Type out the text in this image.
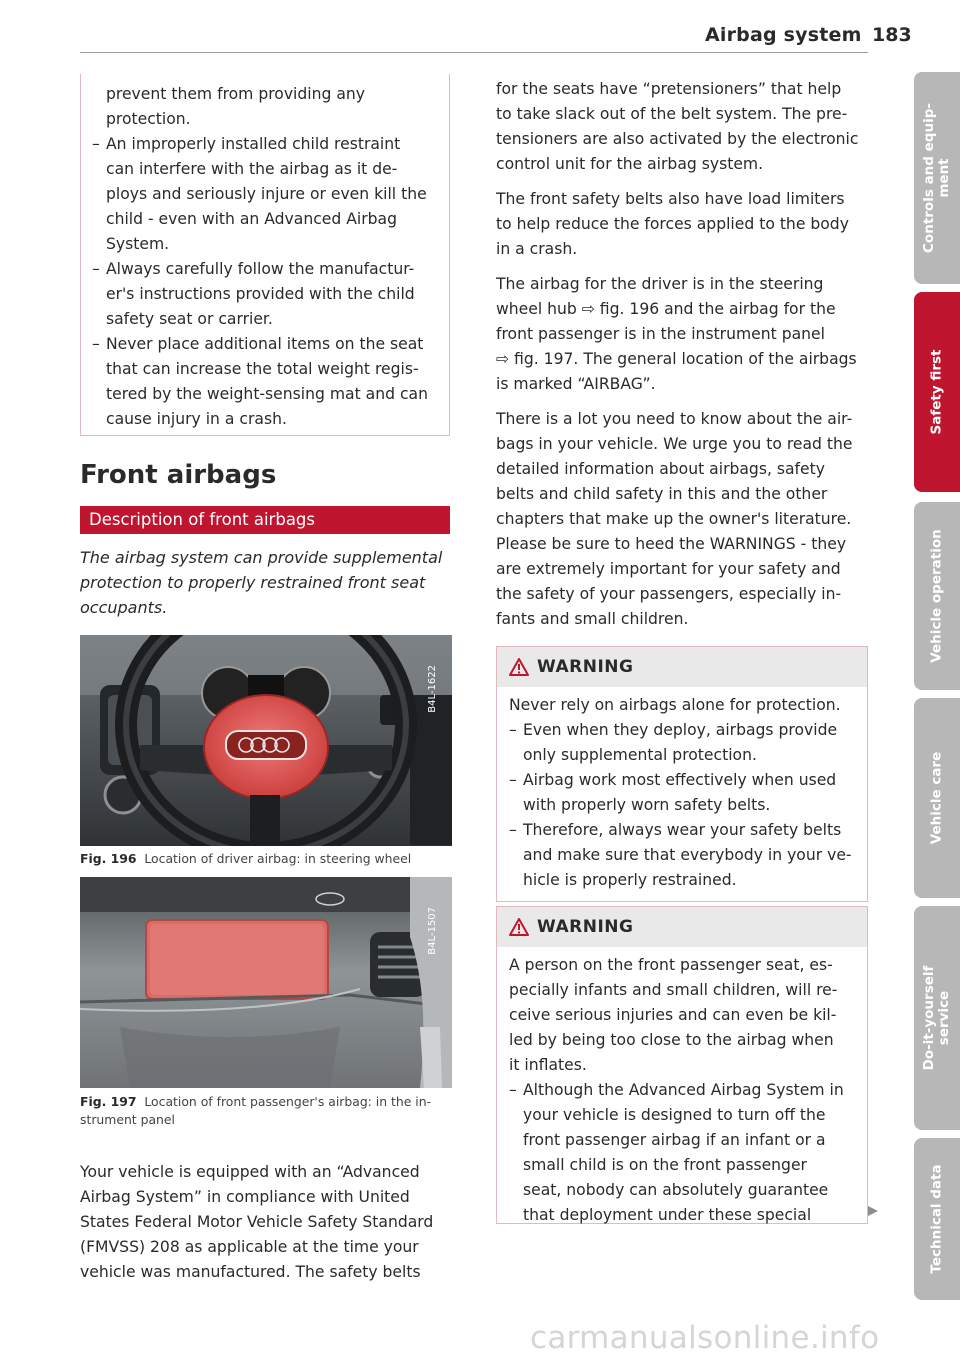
Airbag system 183
prevent them from providing any
protection.
– An improperly installed child restraint
can interfere with the airbag as it de-
ploys and seriously injure or even kill the
child - even with an Advanced Airbag
System.
– Always carefully follow the manufactur-
er's instructions provided with the child
safety seat or carrier.
– Never place additional items on the seat
that can increase the total weight regis-
tered by the weight-sensing mat and can
cause injury in a crash.
Front airbags
Description of front airbags
The airbag system can provide supplemental
protection to properly restrained front seat
occupants.
B4L-1622
Fig. 196 Location of driver airbag: in steering wheel
B4L-1507
Fig. 197 Location of front passenger's airbag: in the in-
strument panel
Your vehicle is equipped with an “Advanced
Airbag System” in compliance with United
States Federal Motor Vehicle Safety Standard
(FMVSS) 208 as applicable at the time your
vehicle was manufactured. The safety belts
for the seats have “pretensioners” that help
to take slack out of the belt system. The pre-
tensioners are also activated by the electronic
control unit for the airbag system.
The front safety belts also have load limiters
to help reduce the forces applied to the body
in a crash.
The airbag for the driver is in the steering
wheel hub ⇨ fig. 196 and the airbag for the
front passenger is in the instrument panel
⇨ fig. 197. The general location of the airbags
is marked “AIRBAG”.
There is a lot you need to know about the air-
bags in your vehicle. We urge you to read the
detailed information about airbags, safety
belts and child safety in this and the other
chapters that make up the owner's literature.
Please be sure to heed the WARNINGS - they
are extremely important for your safety and
the safety of your passengers, especially in-
fants and small children.
WARNING
Never rely on airbags alone for protection.
– Even when they deploy, airbags provide
only supplemental protection.
– Airbag work most effectively when used
with properly worn safety belts.
– Therefore, always wear your safety belts
and make sure that everybody in your ve-
hicle is properly restrained.
WARNING
A person on the front passenger seat, es-
pecially infants and small children, will re-
ceive serious injuries and can even be kil-
led by being too close to the airbag when
it inflates.
– Although the Advanced Airbag System in
your vehicle is designed to turn off the
front passenger airbag if an infant or a
small child is on the front passenger
seat, nobody can absolutely guarantee
that deployment under these special
Controls and equip- ment
Safety first
Vehicle operation
Vehicle care
Do-it-yourself service
Technical data
carmanualsonline.info
